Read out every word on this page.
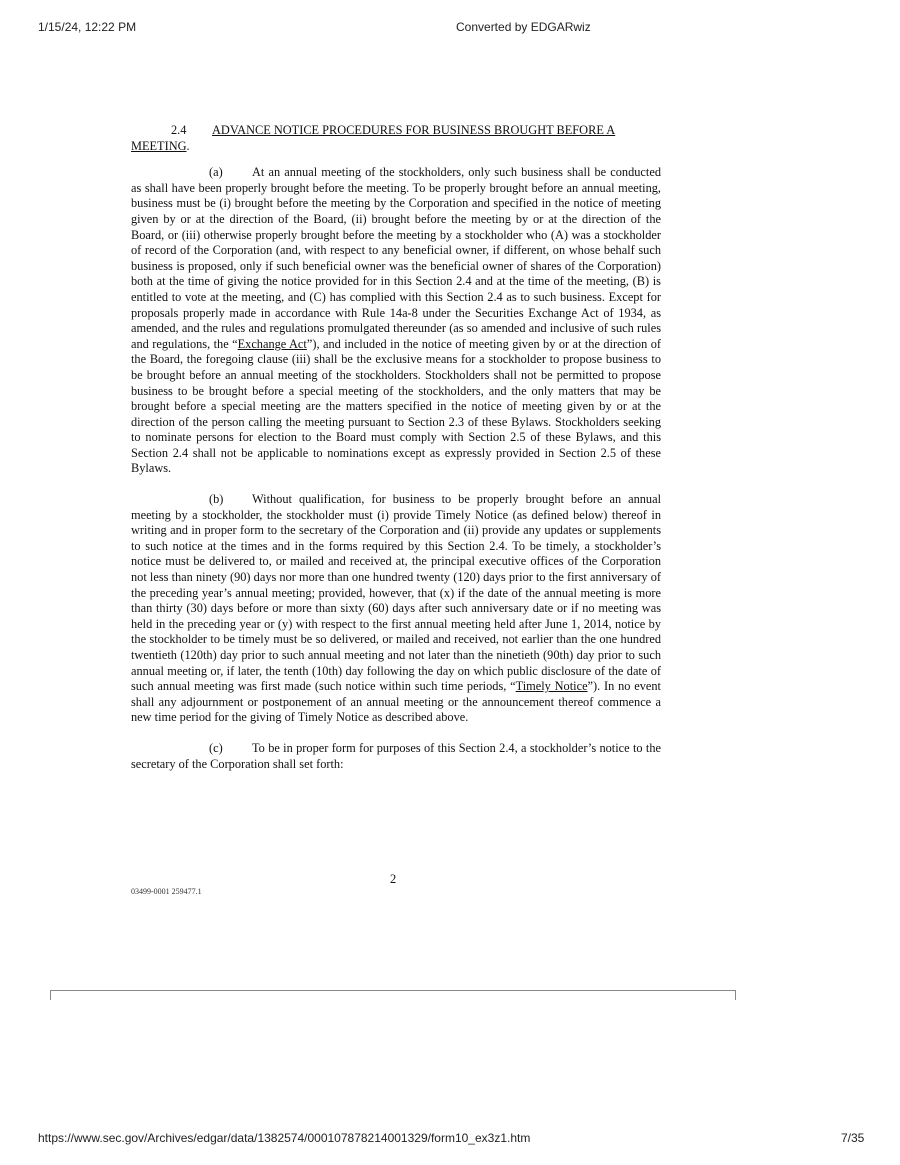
1/15/24, 12:22 PM	Converted by EDGARwiz

2.4 ADVANCE NOTICE PROCEDURES FOR BUSINESS BROUGHT BEFORE A MEETING.

(a) At an annual meeting of the stockholders, only such business shall be conducted as shall have been properly brought before the meeting. To be properly brought before an annual meeting, business must be (i) brought before the meeting by the Corporation and specified in the notice of meeting given by or at the direction of the Board, (ii) brought before the meeting by or at the direction of the Board, or (iii) otherwise properly brought before the meeting by a stockholder who (A) was a stockholder of record of the Corporation (and, with respect to any beneficial owner, if different, on whose behalf such business is proposed, only if such beneficial owner was the beneficial owner of shares of the Corporation) both at the time of giving the notice provided for in this Section 2.4 and at the time of the meeting, (B) is entitled to vote at the meeting, and (C) has complied with this Section 2.4 as to such business. Except for proposals properly made in accordance with Rule 14a-8 under the Securities Exchange Act of 1934, as amended, and the rules and regulations promulgated thereunder (as so amended and inclusive of such rules and regulations, the “Exchange Act”), and included in the notice of meeting given by or at the direction of the Board, the foregoing clause (iii) shall be the exclusive means for a stockholder to propose business to be brought before an annual meeting of the stockholders. Stockholders shall not be permitted to propose business to be brought before a special meeting of the stockholders, and the only matters that may be brought before a special meeting are the matters specified in the notice of meeting given by or at the direction of the person calling the meeting pursuant to Section 2.3 of these Bylaws. Stockholders seeking to nominate persons for election to the Board must comply with Section 2.5 of these Bylaws, and this Section 2.4 shall not be applicable to nominations except as expressly provided in Section 2.5 of these Bylaws.

(b) Without qualification, for business to be properly brought before an annual meeting by a stockholder, the stockholder must (i) provide Timely Notice (as defined below) thereof in writing and in proper form to the secretary of the Corporation and (ii) provide any updates or supplements to such notice at the times and in the forms required by this Section 2.4. To be timely, a stockholder’s notice must be delivered to, or mailed and received at, the principal executive offices of the Corporation not less than ninety (90) days nor more than one hundred twenty (120) days prior to the first anniversary of the preceding year’s annual meeting; provided, however, that (x) if the date of the annual meeting is more than thirty (30) days before or more than sixty (60) days after such anniversary date or if no meeting was held in the preceding year or (y) with respect to the first annual meeting held after June 1, 2014, notice by the stockholder to be timely must be so delivered, or mailed and received, not earlier than the one hundred twentieth (120th) day prior to such annual meeting and not later than the ninetieth (90th) day prior to such annual meeting or, if later, the tenth (10th) day following the day on which public disclosure of the date of such annual meeting was first made (such notice within such time periods, “Timely Notice”). In no event shall any adjournment or postponement of an annual meeting or the announcement thereof commence a new time period for the giving of Timely Notice as described above.

(c) To be in proper form for purposes of this Section 2.4, a stockholder’s notice to the secretary of the Corporation shall set forth:

2
03499-0001 259477.1
https://www.sec.gov/Archives/edgar/data/1382574/000107878214001329/form10_ex3z1.htm	7/35
